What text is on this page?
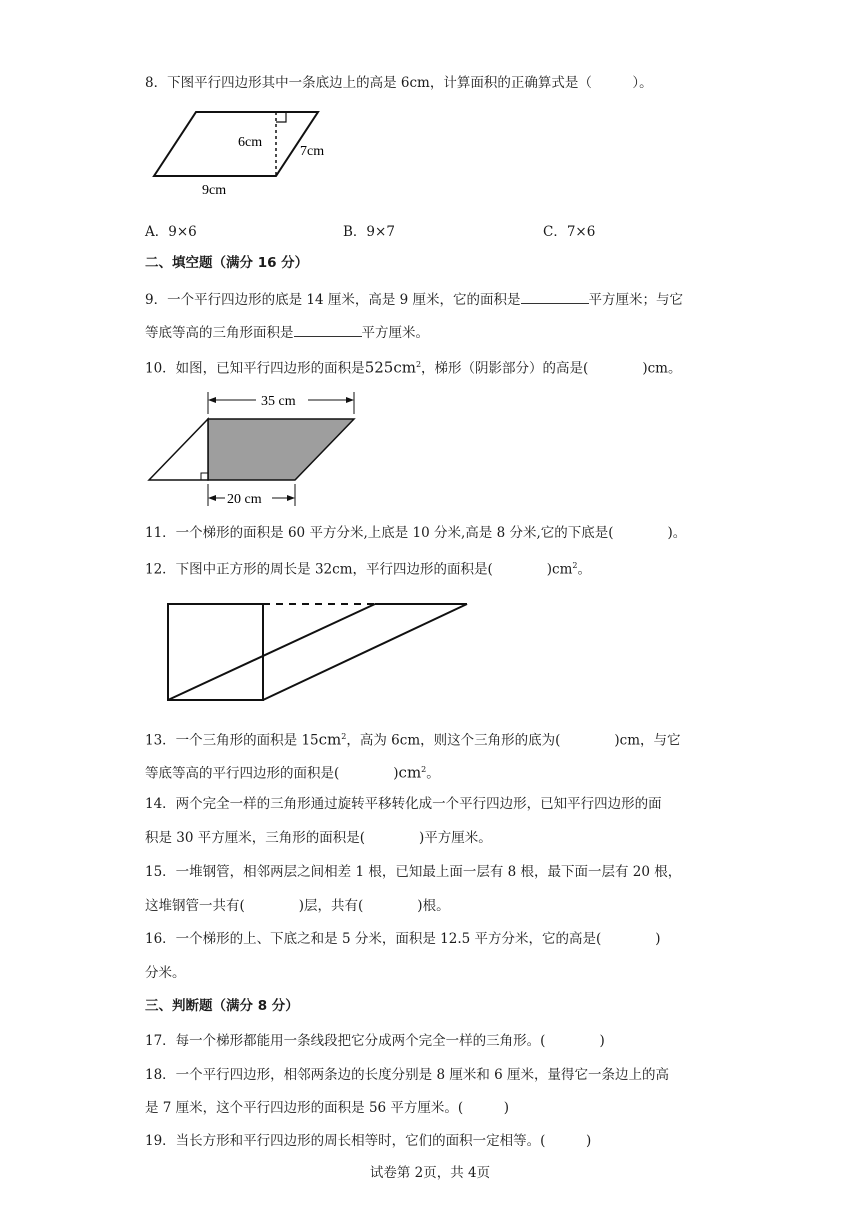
8．下图平行四边形其中一条底边上的高是 6cm，计算面积的正确算式是（　　　）。
6cm
7cm
9cm
A．9×6	B．9×7	C．7×6
二、填空题（满分 16 分）
9．一个平行四边形的底是 14 厘米，高是 9 厘米，它的面积是	平方厘米；与它
等底等高的三角形面积是	平方厘米。
10．如图，已知平行四边形的面积是$525cm^2$，梯形（阴影部分）的高是(　　　　)cm。
35 cm
20 cm
11．一个梯形的面积是 60 平方分米,上底是 10 分米,高是 8 分米,它的下底是(　　　　)。
12．下图中正方形的周长是 32cm，平行四边形的面积是(　　　　)$cm^2$。
13．一个三角形的面积是 $15cm^2$，高为 6cm，则这个三角形的底为(　　　　)cm，与它
等底等高的平行四边形的面积是(　　　　)$cm^2$。
14．两个完全一样的三角形通过旋转平移转化成一个平行四边形，已知平行四边形的面
积是 30 平方厘米，三角形的面积是(　　　　)平方厘米。
15．一堆钢管，相邻两层之间相差 1 根，已知最上面一层有 8 根，最下面一层有 20 根，
这堆钢管一共有(　　　　)层，共有(　　　　)根。
16．一个梯形的上、下底之和是 5 分米，面积是 12.5 平方分米，它的高是(　　　　)
分米。
三、判断题（满分 8 分）
17．每一个梯形都能用一条线段把它分成两个完全一样的三角形。(　　　　)
18．一个平行四边形，相邻两条边的长度分别是 8 厘米和 6 厘米，量得它一条边上的高
是 7 厘米，这个平行四边形的面积是 56 平方厘米。(　　　)
19．当长方形和平行四边形的周长相等时，它们的面积一定相等。(　　　)
试卷第 2页，共 4页
